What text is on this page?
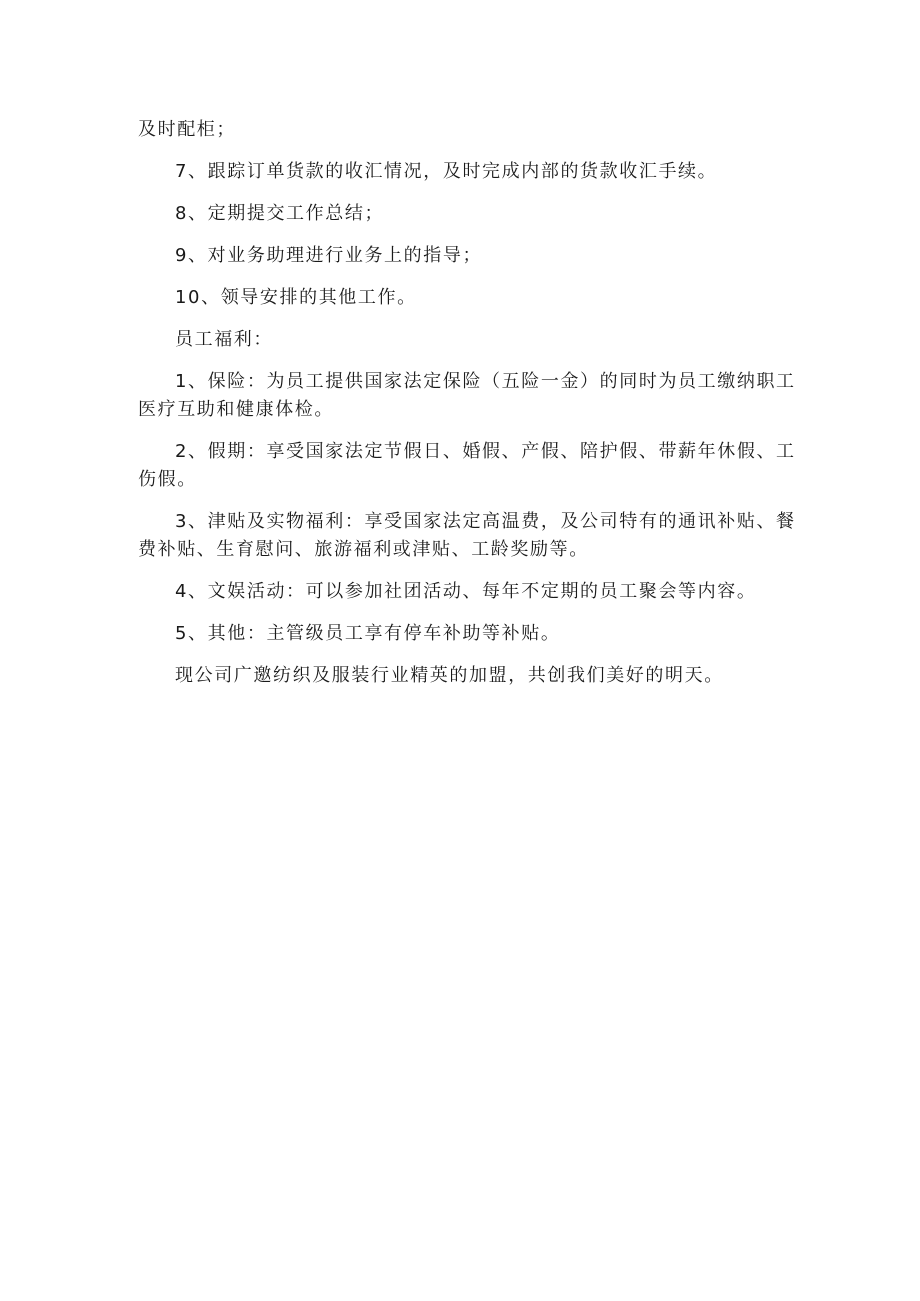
及时配柜；

7、跟踪订单货款的收汇情况，及时完成内部的货款收汇手续。

8、定期提交工作总结；

9、对业务助理进行业务上的指导；

10、领导安排的其他工作。

员工福利：

1、保险：为员工提供国家法定保险（五险一金）的同时为员工缴纳职工医疗互助和健康体检。

2、假期：享受国家法定节假日、婚假、产假、陪护假、带薪年休假、工伤假。

3、津贴及实物福利：享受国家法定高温费，及公司特有的通讯补贴、餐费补贴、生育慰问、旅游福利或津贴、工龄奖励等。

4、文娱活动：可以参加社团活动、每年不定期的员工聚会等内容。

5、其他：主管级员工享有停车补助等补贴。

现公司广邀纺织及服装行业精英的加盟，共创我们美好的明天。
